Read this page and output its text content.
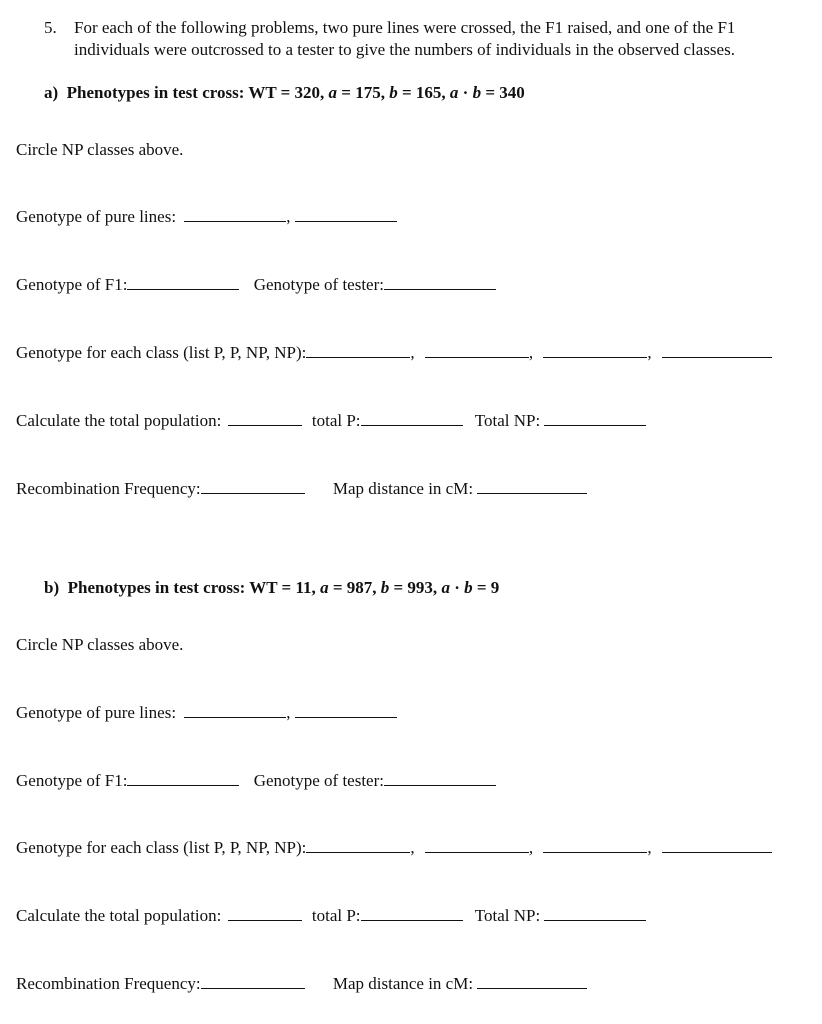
5. For each of the following problems, two pure lines were crossed, the F1 raised, and one of the F1
individuals were outcrossed to a tester to give the numbers of individuals in the observed classes.
a) Phenotypes in test cross: WT = 320, a = 175, b = 165, a · b = 340
Circle NP classes above.
Genotype of pure lines:	,
Genotype of F1:	Genotype of tester:
Genotype for each class (list P, P, NP, NP):	,	,	,
Calculate the total population:	total P:	Total NP:
Recombination Frequency:	Map distance in cM:
b) Phenotypes in test cross: WT = 11, a = 987, b = 993, a · b = 9
Circle NP classes above.
Genotype of pure lines:	,
Genotype of F1:	Genotype of tester:
Genotype for each class (list P, P, NP, NP):	,	,	,
Calculate the total population:	total P:	Total NP:
Recombination Frequency:	Map distance in cM:
